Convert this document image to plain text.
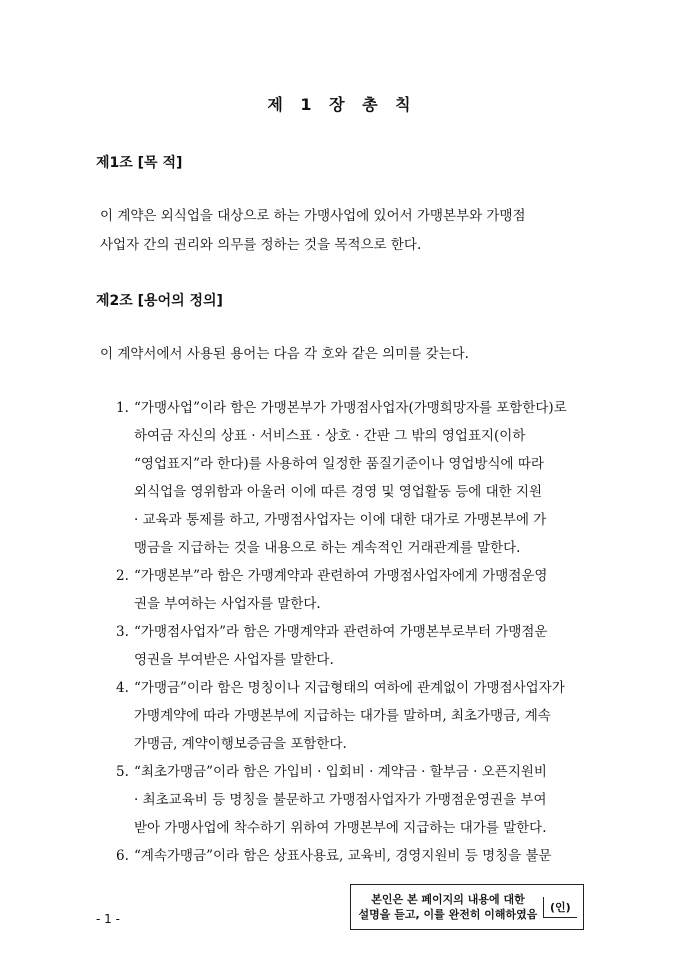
제 1 장 총 칙
제1조 [목 적]
이 계약은 외식업을 대상으로 하는 가맹사업에 있어서 가맹본부와 가맹점
사업자 간의 권리와 의무를 정하는 것을 목적으로 한다.
제2조 [용어의 정의]
이 계약서에서 사용된 용어는 다음 각 호와 같은 의미를 갖는다.
1. “가맹사업”이라 함은 가맹본부가 가맹점사업자(가맹희망자를 포함한다)로
하여금 자신의 상표 · 서비스표 · 상호 · 간판 그 밖의 영업표지(이하
“영업표지”라 한다)를 사용하여 일정한 품질기준이나 영업방식에 따라
외식업을 영위함과 아울러 이에 따른 경영 및 영업활동 등에 대한 지원
· 교육과 통제를 하고, 가맹점사업자는 이에 대한 대가로 가맹본부에 가
맹금을 지급하는 것을 내용으로 하는 계속적인 거래관계를 말한다.
2. “가맹본부”라 함은 가맹계약과 관련하여 가맹점사업자에게 가맹점운영
권을 부여하는 사업자를 말한다.
3. “가맹점사업자”라 함은 가맹계약과 관련하여 가맹본부로부터 가맹점운
영권을 부여받은 사업자를 말한다.
4. “가맹금”이라 함은 명칭이나 지급형태의 여하에 관계없이 가맹점사업자가
가맹계약에 따라 가맹본부에 지급하는 대가를 말하며, 최초가맹금, 계속
가맹금, 계약이행보증금을 포함한다.
5. “최초가맹금”이라 함은 가입비 · 입회비 · 계약금 · 할부금 · 오픈지원비
· 최초교육비 등 명칭을 불문하고 가맹점사업자가 가맹점운영권을 부여
받아 가맹사업에 착수하기 위하여 가맹본부에 지급하는 대가를 말한다.
6. “계속가맹금”이라 함은 상표사용료, 교육비, 경영지원비 등 명칭을 불문
- 1 -
본인은 본 페이지의 내용에 대한
설명을 듣고, 이를 완전히 이해하였음
(인)
